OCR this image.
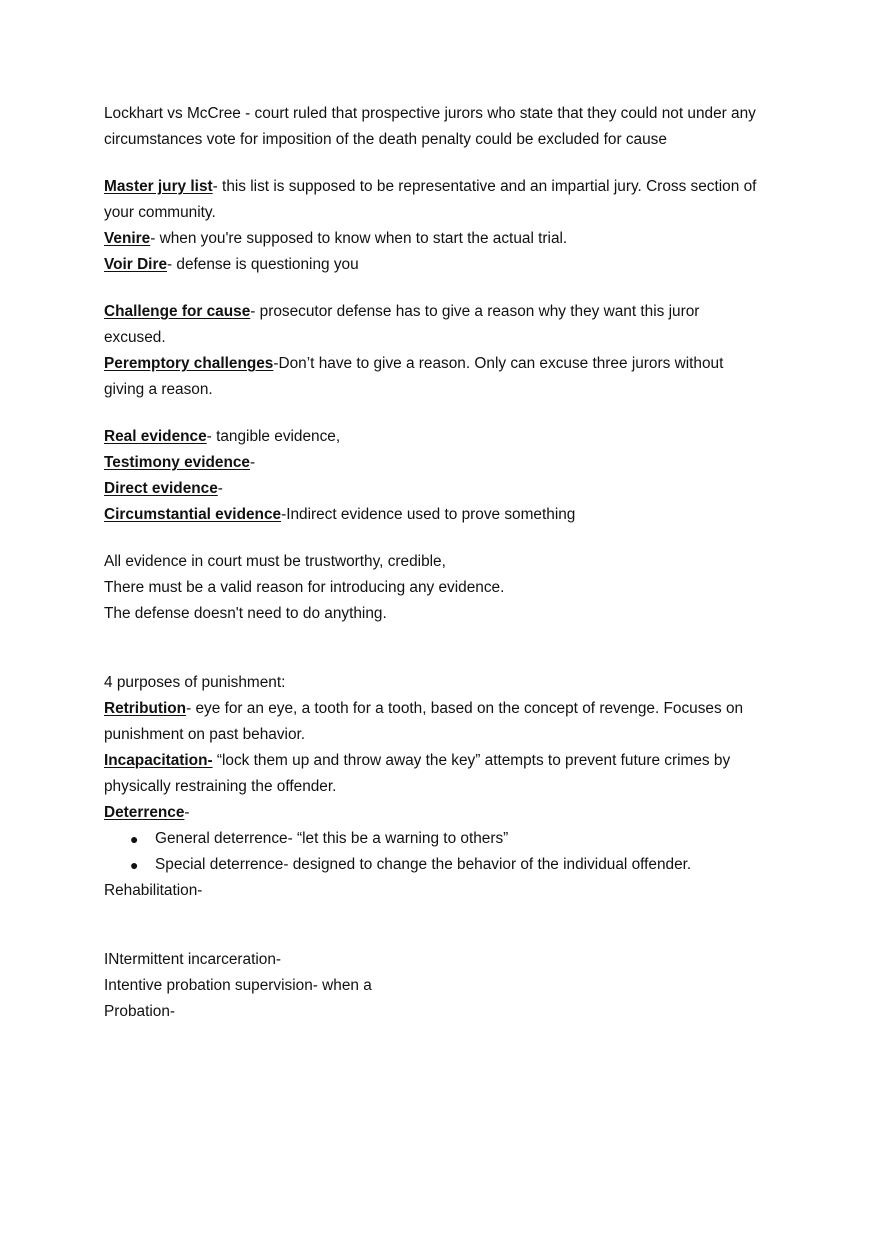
Lockhart vs McCree - court ruled that prospective jurors who state that they could not under any
circumstances vote for imposition of the death penalty could be excluded for cause
Master jury list- this list is supposed to be representative and an impartial jury. Cross section of
your community.
Venire- when you're supposed to know when to start the actual trial.
Voir Dire- defense is questioning you
Challenge for cause- prosecutor defense has to give a reason why they want this juror
excused.
Peremptory challenges-Don’t have to give a reason. Only can excuse three jurors without
giving a reason.
Real evidence- tangible evidence,
Testimony evidence-
Direct evidence-
Circumstantial evidence-Indirect evidence used to prove something
All evidence in court must be trustworthy, credible,
There must be a valid reason for introducing any evidence.
The defense doesn't need to do anything.
4 purposes of punishment:
Retribution- eye for an eye, a tooth for a tooth, based on the concept of revenge. Focuses on
punishment on past behavior.
Incapacitation- “lock them up and throw away the key” attempts to prevent future crimes by
physically restraining the offender.
Deterrence-
● General deterrence- “let this be a warning to others”
● Special deterrence- designed to change the behavior of the individual offender.
Rehabilitation-
INtermittent incarceration-
Intentive probation supervision- when a
Probation-
